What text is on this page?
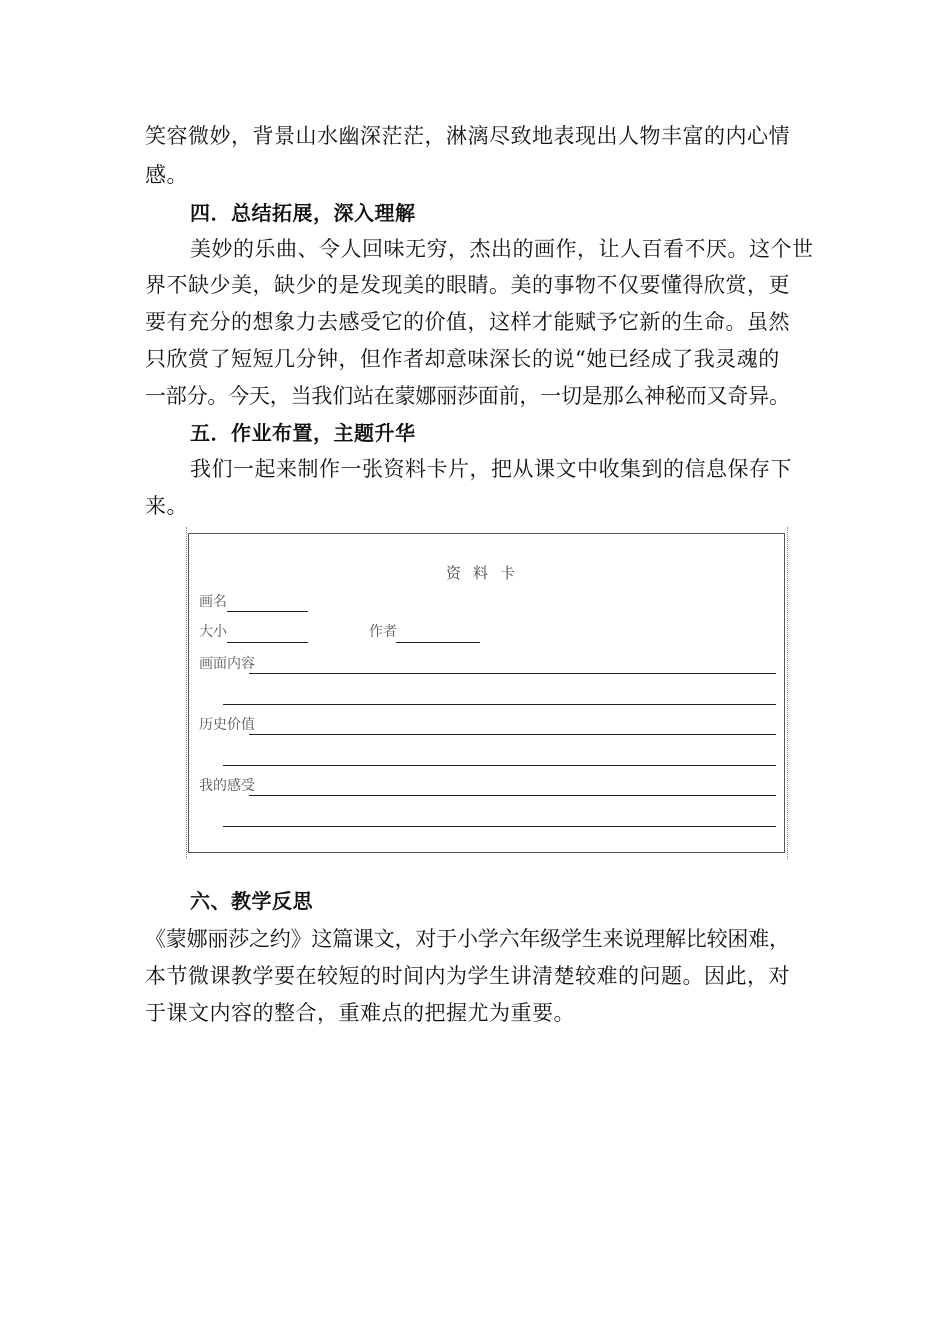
笑容微妙，背景山水幽深茫茫，淋漓尽致地表现出人物丰富的内心情
感。
四．总结拓展，深入理解
美妙的乐曲、令人回味无穷，杰出的画作，让人百看不厌。这个世
界不缺少美，缺少的是发现美的眼睛。美的事物不仅要懂得欣赏，更
要有充分的想象力去感受它的价值，这样才能赋予它新的生命。虽然
只欣赏了短短几分钟，但作者却意味深长的说“她已经成了我灵魂的
一部分。今天，当我们站在蒙娜丽莎面前，一切是那么神秘而又奇异。
五．作业布置，主题升华
我们一起来制作一张资料卡片，把从课文中收集到的信息保存下
来。
资料卡
画名
大小	作者
画面内容
历史价值
我的感受
六、教学反思
《蒙娜丽莎之约》这篇课文，对于小学六年级学生来说理解比较困难，
本节微课教学要在较短的时间内为学生讲清楚较难的问题。因此，对
于课文内容的整合，重难点的把握尤为重要。
